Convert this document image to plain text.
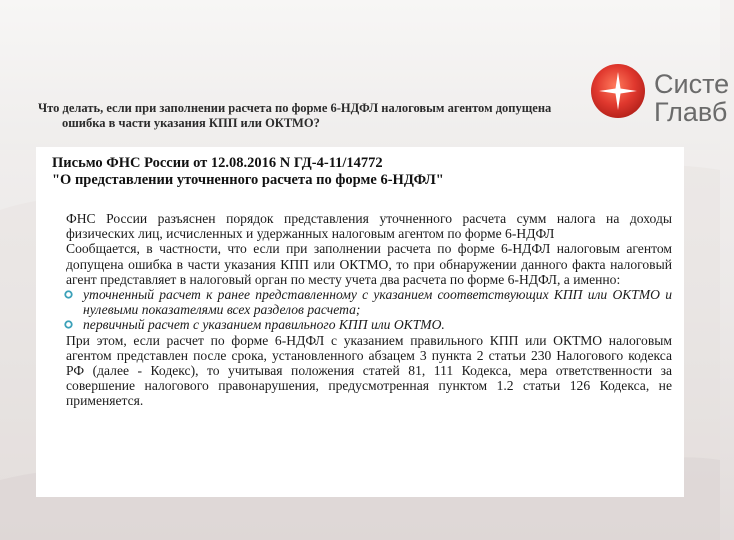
Что делать, если при заполнении расчета по форме 6-НДФЛ налоговым агентом допущена
ошибка в части указания КПП или ОКТМО?
Систе
Главб
Письмо ФНС России от 12.08.2016 N ГД-4-11/14772
"О представлении уточненного расчета по форме 6-НДФЛ"

ФНС России разъяснен порядок представления уточненного расчета сумм налога на доходы физических лиц, исчисленных и удержанных налоговым агентом по форме 6-НДФЛ

Сообщается, в частности, что если при заполнении расчета по форме 6-НДФЛ налоговым агентом допущена ошибка в части указания КПП или ОКТМО, то при обнаружении данного факта налоговый агент представляет в налоговый орган по месту учета два расчета по форме 6-НДФЛ, а именно:

уточненный расчет к ранее представленному с указанием соответствующих КПП или ОКТМО и нулевыми показателями всех разделов расчета;
первичный расчет с указанием правильного КПП или ОКТМО.

При этом, если расчет по форме 6-НДФЛ с указанием правильного КПП или ОКТМО налоговым агентом представлен после срока, установленного абзацем 3 пункта 2 статьи 230 Налогового кодекса РФ (далее - Кодекс), то учитывая положения статей 81, 111 Кодекса, мера ответственности за совершение налогового правонарушения, предусмотренная пунктом 1.2 статьи 126 Кодекса, не применяется.
